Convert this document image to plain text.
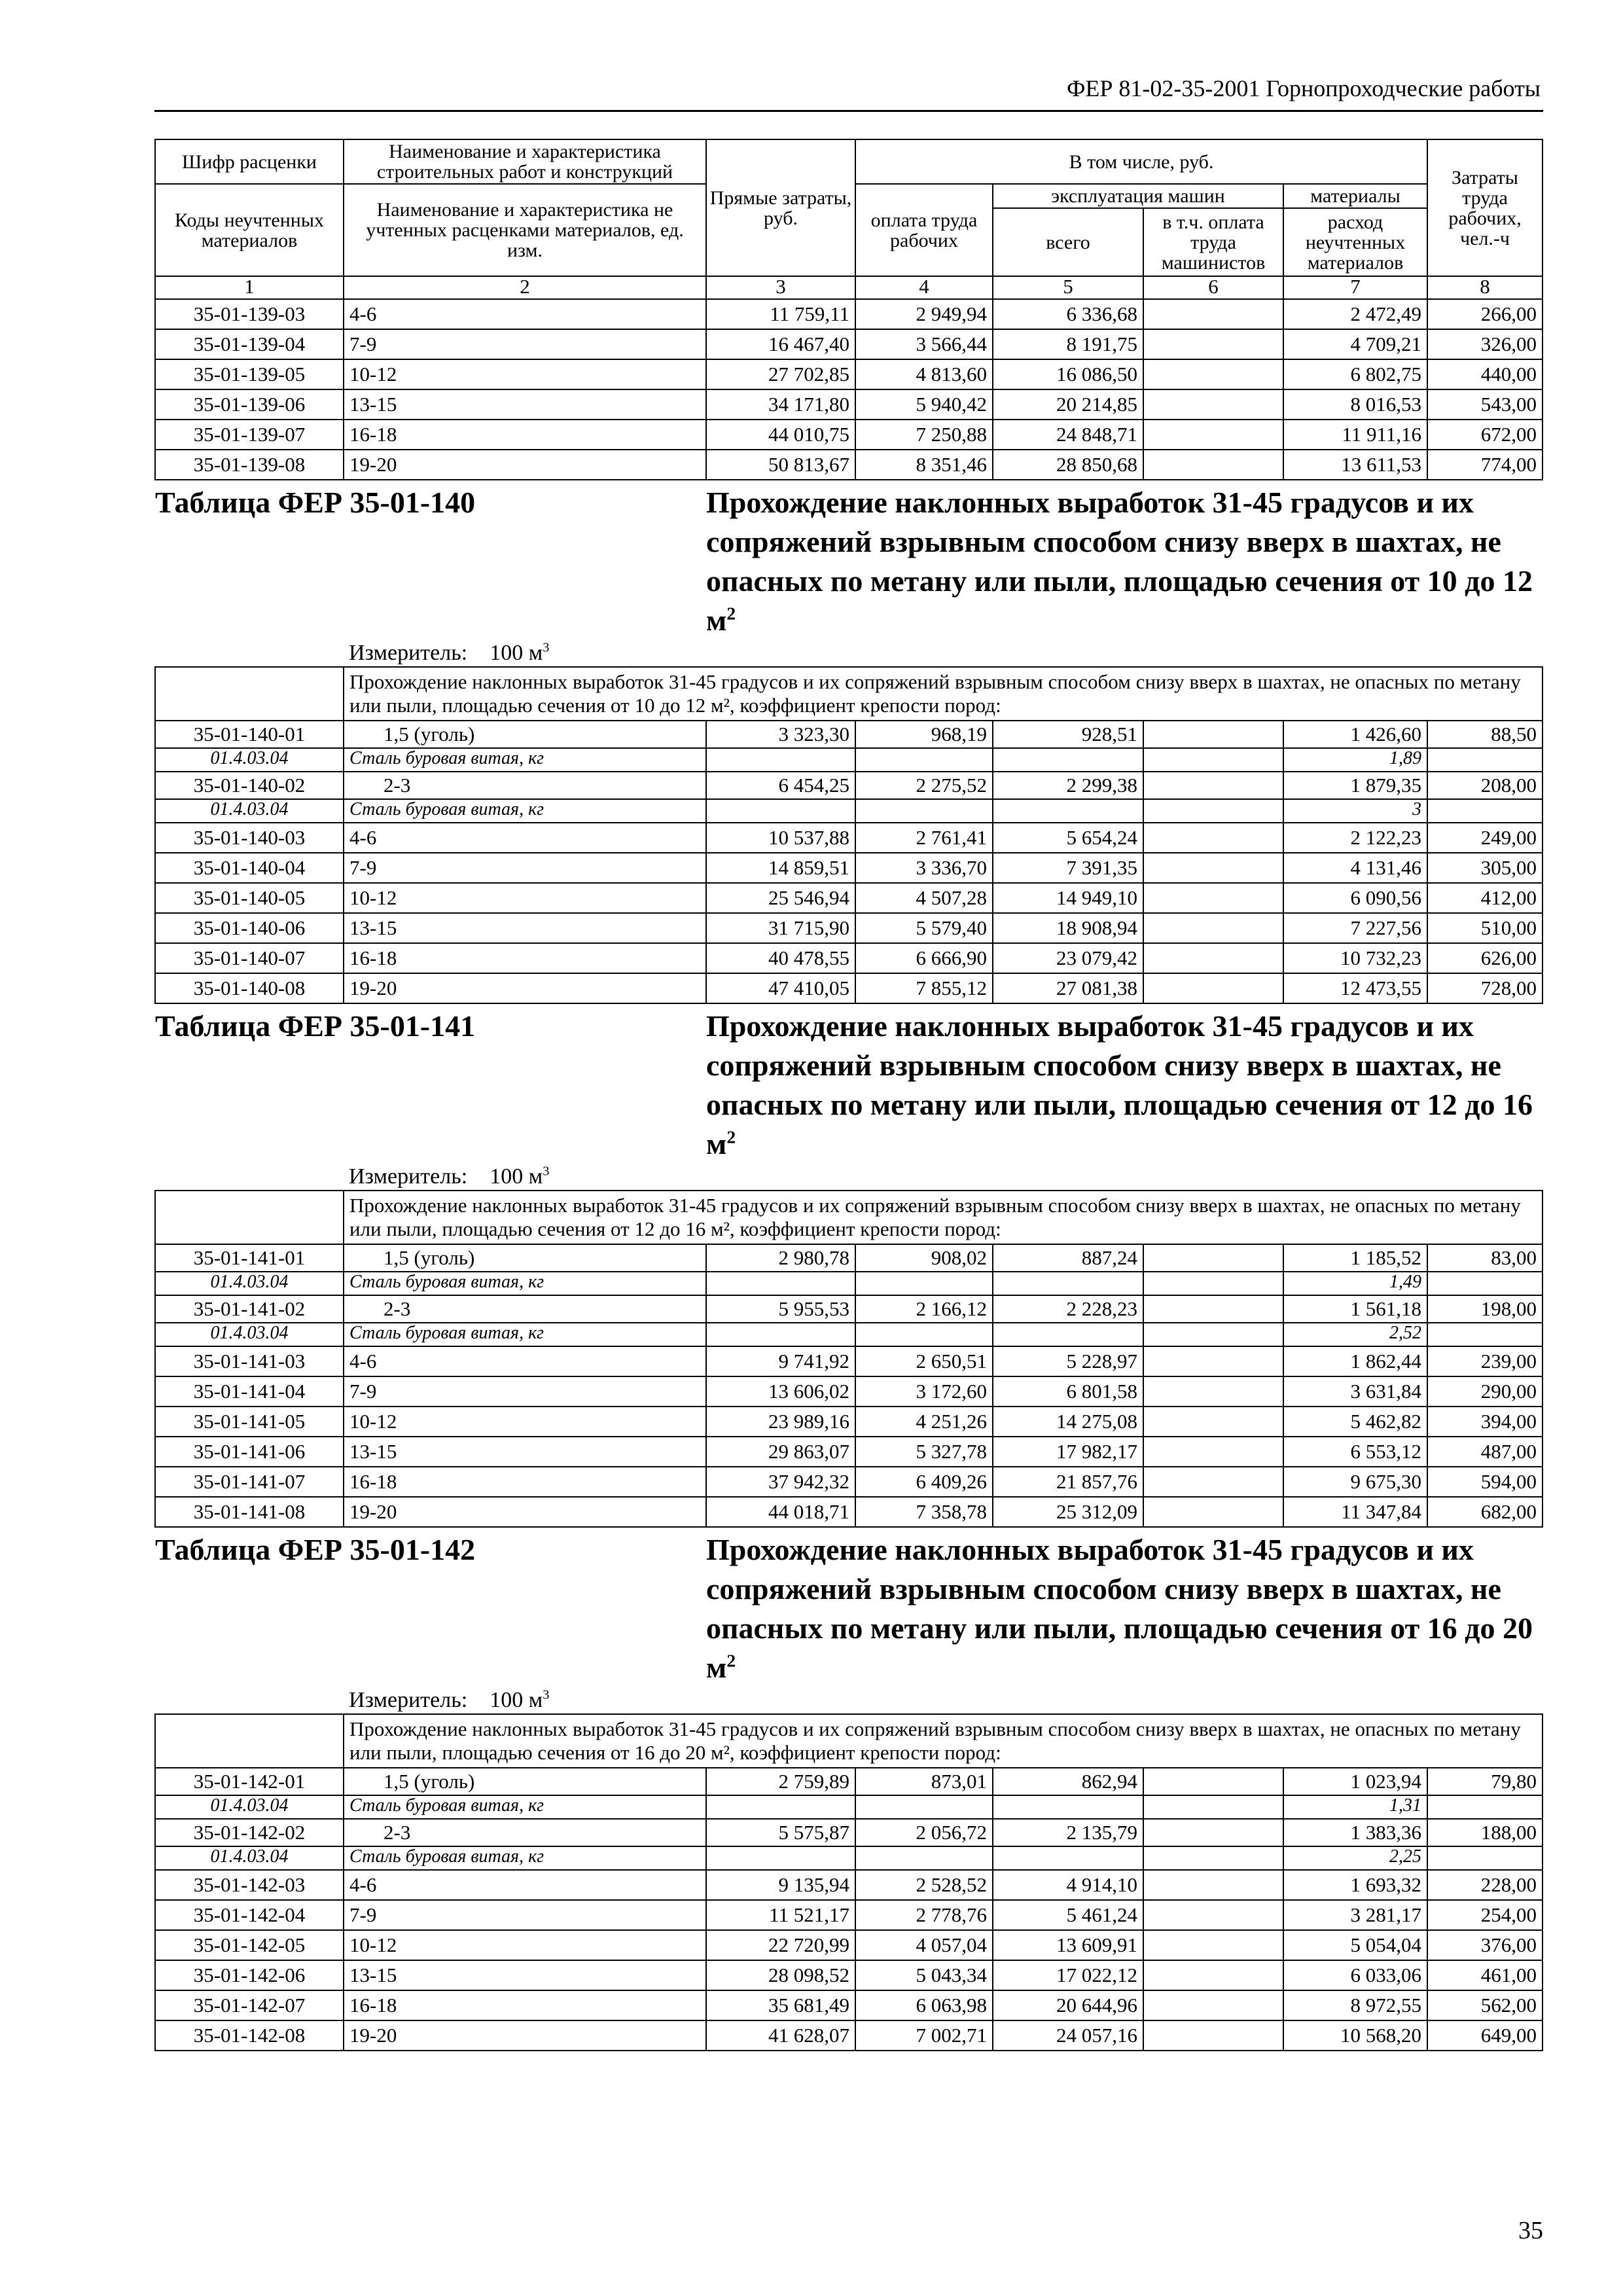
ФЕР 81-02-35-2001 Горнопроходческие работы
Шифр расценки	Наименование и характеристика строительных работ и конструкций	Прямые затраты, руб.	В том числе, руб.				Затраты труда рабочих, чел.-ч
Коды неучтенных материалов	Наименование и характеристика не учтенных расценками материалов, ед. изм.		оплата труда рабочих	эксплуатация машин		материалы	
				всего	в т.ч. оплата труда машинистов	расход неучтенных материалов	
1	2	3	4	5	6	7	8
35-01-139-03	4-6	11 759,11	2 949,94	6 336,68		2 472,49	266,00
35-01-139-04	7-9	16 467,40	3 566,44	8 191,75		4 709,21	326,00
35-01-139-05	10-12	27 702,85	4 813,60	16 086,50		6 802,75	440,00
35-01-139-06	13-15	34 171,80	5 940,42	20 214,85		8 016,53	543,00
35-01-139-07	16-18	44 010,75	7 250,88	24 848,71		11 911,16	672,00
35-01-139-08	19-20	50 813,67	8 351,46	28 850,68		13 611,53	774,00
Таблица ФЕР 35-01-140		Прохождение наклонных выработок 31-45 градусов и их сопряжений взрывным способом снизу вверх в шахтах, не опасных по метану или пыли, площадью сечения от 10 до 12 $м^2$
	Измеритель: 100 $м^3$
	Прохождение наклонных выработок 31-45 градусов и их сопряжений взрывным способом снизу вверх в шахтах, не опасных по метану или пыли, площадью сечения от 10 до 12 м², коэффициент крепости пород:						
35-01-140-01	1,5 (уголь)	3 323,30	968,19	928,51		1 426,60	88,50
01.4.03.04	Сталь буровая витая, кг					1,89	
35-01-140-02	2-3	6 454,25	2 275,52	2 299,38		1 879,35	208,00
01.4.03.04	Сталь буровая витая, кг					3	
35-01-140-03	4-6	10 537,88	2 761,41	5 654,24		2 122,23	249,00
35-01-140-04	7-9	14 859,51	3 336,70	7 391,35		4 131,46	305,00
35-01-140-05	10-12	25 546,94	4 507,28	14 949,10		6 090,56	412,00
35-01-140-06	13-15	31 715,90	5 579,40	18 908,94		7 227,56	510,00
35-01-140-07	16-18	40 478,55	6 666,90	23 079,42		10 732,23	626,00
35-01-140-08	19-20	47 410,05	7 855,12	27 081,38		12 473,55	728,00
Таблица ФЕР 35-01-141		Прохождение наклонных выработок 31-45 градусов и их сопряжений взрывным способом снизу вверх в шахтах, не опасных по метану или пыли, площадью сечения от 12 до 16 $м^2$
	Измеритель: 100 $м^3$
	Прохождение наклонных выработок 31-45 градусов и их сопряжений взрывным способом снизу вверх в шахтах, не опасных по метану или пыли, площадью сечения от 12 до 16 м², коэффициент крепости пород:						
35-01-141-01	1,5 (уголь)	2 980,78	908,02	887,24		1 185,52	83,00
01.4.03.04	Сталь буровая витая, кг					1,49	
35-01-141-02	2-3	5 955,53	2 166,12	2 228,23		1 561,18	198,00
01.4.03.04	Сталь буровая витая, кг					2,52	
35-01-141-03	4-6	9 741,92	2 650,51	5 228,97		1 862,44	239,00
35-01-141-04	7-9	13 606,02	3 172,60	6 801,58		3 631,84	290,00
35-01-141-05	10-12	23 989,16	4 251,26	14 275,08		5 462,82	394,00
35-01-141-06	13-15	29 863,07	5 327,78	17 982,17		6 553,12	487,00
35-01-141-07	16-18	37 942,32	6 409,26	21 857,76		9 675,30	594,00
35-01-141-08	19-20	44 018,71	7 358,78	25 312,09		11 347,84	682,00
Таблица ФЕР 35-01-142		Прохождение наклонных выработок 31-45 градусов и их сопряжений взрывным способом снизу вверх в шахтах, не опасных по метану или пыли, площадью сечения от 16 до 20 $м^2$
	Измеритель: 100 $м^3$
	Прохождение наклонных выработок 31-45 градусов и их сопряжений взрывным способом снизу вверх в шахтах, не опасных по метану или пыли, площадью сечения от 16 до 20 м², коэффициент крепости пород:						
35-01-142-01	1,5 (уголь)	2 759,89	873,01	862,94		1 023,94	79,80
01.4.03.04	Сталь буровая витая, кг					1,31	
35-01-142-02	2-3	5 575,87	2 056,72	2 135,79		1 383,36	188,00
01.4.03.04	Сталь буровая витая, кг					2,25	
35-01-142-03	4-6	9 135,94	2 528,52	4 914,10		1 693,32	228,00
35-01-142-04	7-9	11 521,17	2 778,76	5 461,24		3 281,17	254,00
35-01-142-05	10-12	22 720,99	4 057,04	13 609,91		5 054,04	376,00
35-01-142-06	13-15	28 098,52	5 043,34	17 022,12		6 033,06	461,00
35-01-142-07	16-18	35 681,49	6 063,98	20 644,96		8 972,55	562,00
35-01-142-08	19-20	41 628,07	7 002,71	24 057,16		10 568,20	649,00
35
